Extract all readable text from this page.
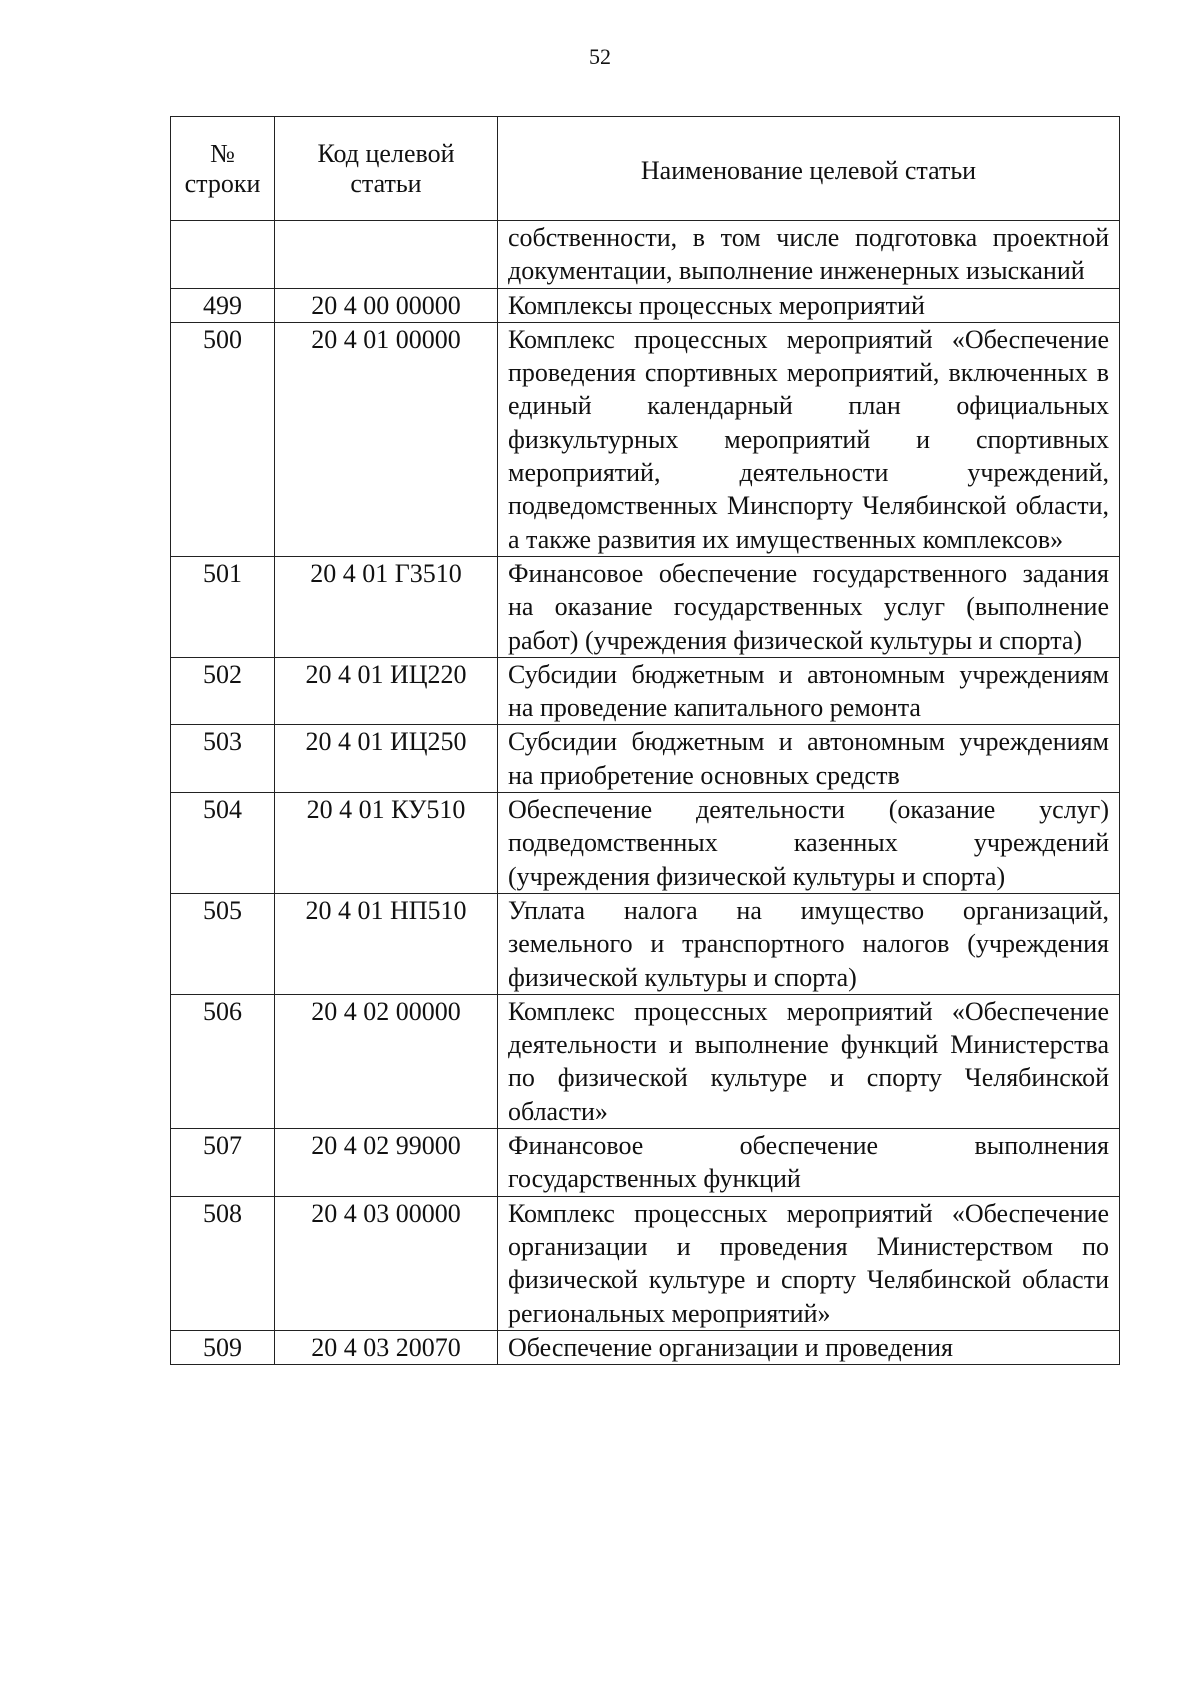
52
№ строки	Код целевой статьи	Наименование целевой статьи
		собственности, в том числе подготовка проектной документации, выполнение инженерных изысканий
499	20 4 00 00000	Комплексы процессных мероприятий
500	20 4 01 00000	Комплекс процессных мероприятий «Обеспечение проведения спортивных мероприятий, включенных в единый календарный план официальных физкультурных мероприятий и спортивных мероприятий, деятельности учреждений, подведомственных Минспорту Челябинской области, а также развития их имущественных комплексов»
501	20 4 01 Г3510	Финансовое обеспечение государственного задания на оказание государственных услуг (выполнение работ) (учреждения физической культуры и спорта)
502	20 4 01 ИЦ220	Субсидии бюджетным и автономным учреждениям на проведение капитального ремонта
503	20 4 01 ИЦ250	Субсидии бюджетным и автономным учреждениям на приобретение основных средств
504	20 4 01 КУ510	Обеспечение деятельности (оказание услуг) подведомственных казенных учреждений (учреждения физической культуры и спорта)
505	20 4 01 НП510	Уплата налога на имущество организаций, земельного и транспортного налогов (учреждения физической культуры и спорта)
506	20 4 02 00000	Комплекс процессных мероприятий «Обеспечение деятельности и выполнение функций Министерства по физической культуре и спорту Челябинской области»
507	20 4 02 99000	Финансовое обеспечение выполнения государственных функций
508	20 4 03 00000	Комплекс процессных мероприятий «Обеспечение организации и проведения Министерством по физической культуре и спорту Челябинской области региональных мероприятий»
509	20 4 03 20070	Обеспечение организации и проведения
